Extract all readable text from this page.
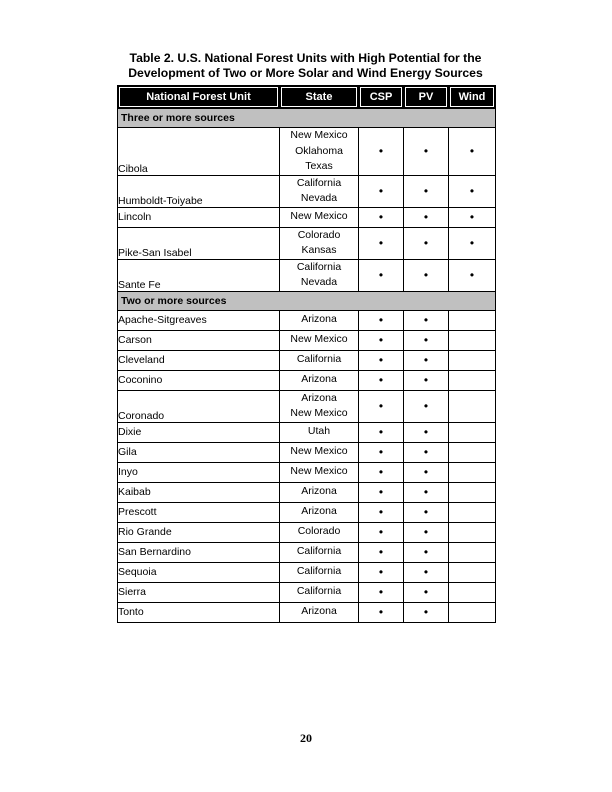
Table 2. U.S. National Forest Units with High Potential for the
Development of Two or More Solar and Wind Energy Sources
National Forest Unit	State	CSP	PV	Wind
Three or more sources				
Cibola	New Mexico
Oklahoma
Texas	•	•	•
Humboldt-Toiyabe	California
Nevada	•	•	•
Lincoln	New Mexico	•	•	•
Pike-San Isabel	Colorado
Kansas	•	•	•
Sante Fe	California
Nevada	•	•	•
Two or more sources				
Apache-Sitgreaves	Arizona	•	•	
Carson	New Mexico	•	•	
Cleveland	California	•	•	
Coconino	Arizona	•	•	
Coronado	Arizona
New Mexico	•	•	
Dixie	Utah	•	•	
Gila	New Mexico	•	•	
Inyo	New Mexico	•	•	
Kaibab	Arizona	•	•	
Prescott	Arizona	•	•	
Rio Grande	Colorado	•	•	
San Bernardino	California	•	•	
Sequoia	California	•	•	
Sierra	California	•	•	
Tonto	Arizona	•	•	
20
